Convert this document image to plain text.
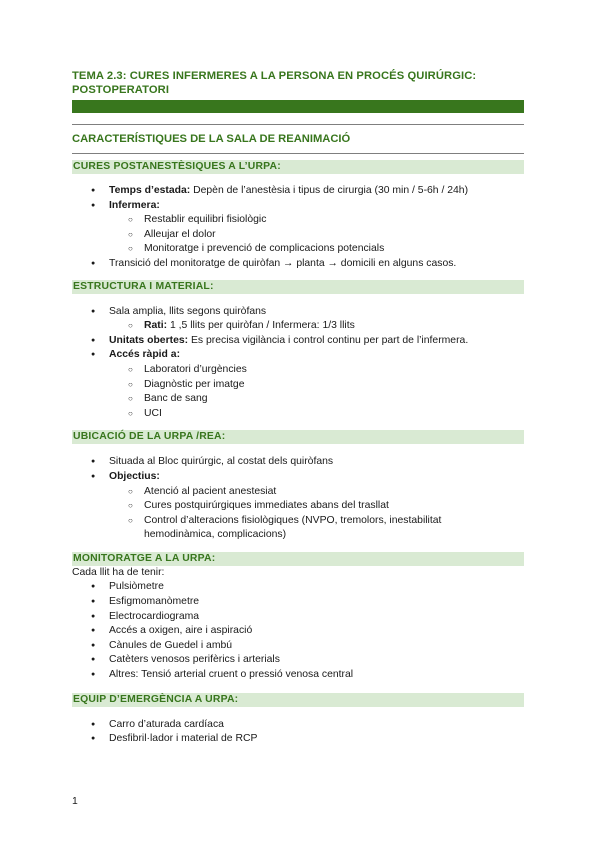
TEMA 2.3: CURES INFERMERES A LA PERSONA EN PROCÉS QUIRÚRGIC:
POSTOPERATORI
CARACTERÍSTIQUES DE LA SALA DE REANIMACIÓ
CURES POSTANESTÈSIQUES A L’URPA:
● Temps d’estada: Depèn de l’anestèsia i tipus de cirurgia (30 min / 5-6h / 24h)
● Infermera:
○ Restablir equilibri fisiològic
○ Alleujar el dolor
○ Monitoratge i prevenció de complicacions potencials
● Transició del monitoratge de quiròfan → planta → domicili en alguns casos.
ESTRUCTURA I MATERIAL:
● Sala amplia, llits segons quiròfans
○ Rati: 1 ,5 llits per quiròfan / Infermera: 1/3 llits
● Unitats obertes: Es precisa vigilància i control continu per part de l’infermera.
● Accés ràpid a:
○ Laboratori d’urgències
○ Diagnòstic per imatge
○ Banc de sang
○ UCI
UBICACIÓ DE LA URPA /REA:
● Situada al Bloc quirúrgic, al costat dels quiròfans
● Objectius:
○ Atenció al pacient anestesiat
○ Cures postquirúrgiques immediates abans del trasllat
○ Control d’alteracions fisiològiques (NVPO, tremolors, inestabilitat
hemodinàmica, complicacions)
MONITORATGE A LA URPA:

Cada llit ha de tenir:

● Pulsiòmetre
● Esfigmomanòmetre
● Electrocardiograma
● Accés a oxigen, aire i aspiració
● Cànules de Guedel i ambú
● Catèters venosos perifèrics i arterials
● Altres: Tensió arterial cruent o pressió venosa central
EQUIP D’EMERGÈNCIA A URPA:
● Carro d’aturada cardíaca
● Desfibril·lador i material de RCP
1
